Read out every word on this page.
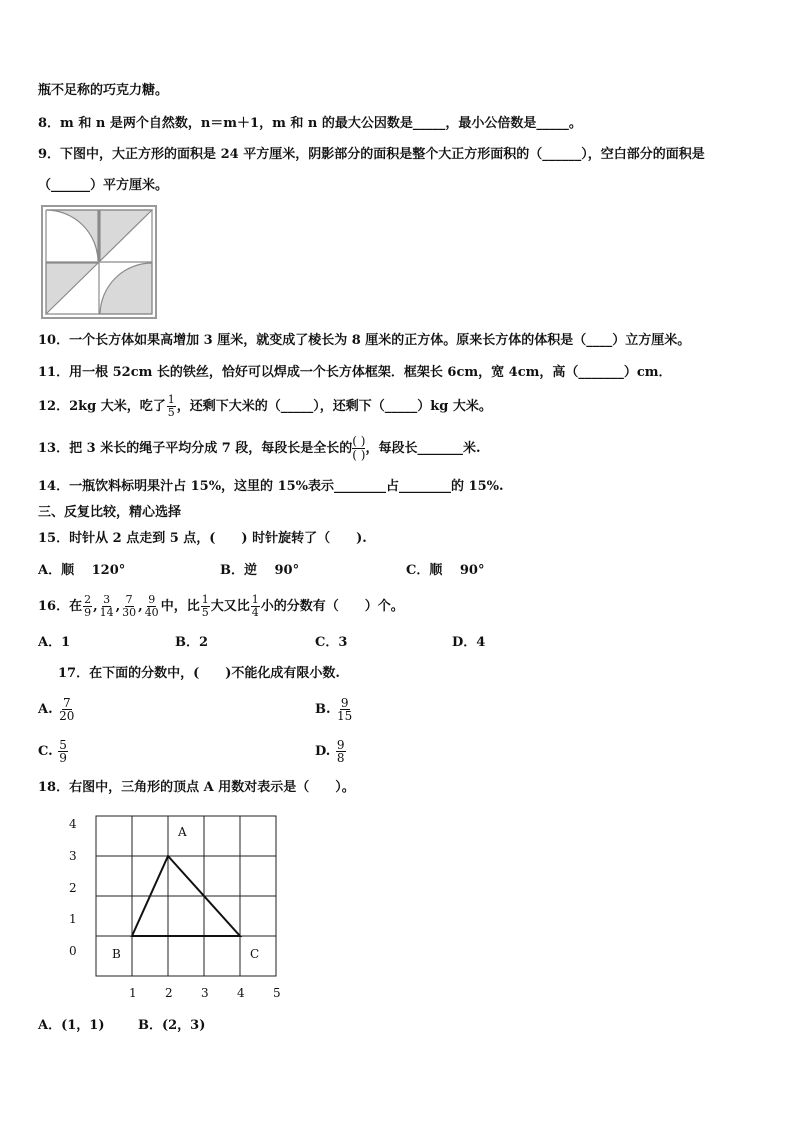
瓶不足称的巧克力糖。
8．m 和 n 是两个自然数，n＝m＋1，m 和 n 的最大公因数是_____，最小公倍数是_____。
9．下图中，大正方形的面积是 24 平方厘米，阴影部分的面积是整个大正方形面积的（______），空白部分的面积是
（______）平方厘米。
10．一个长方体如果高增加 3 厘米，就变成了棱长为 8 厘米的正方体。原来长方体的体积是（____）立方厘米。
11．用一根 52cm 长的铁丝，恰好可以焊成一个长方体框架．框架长 6cm，宽 4cm，高（_______）cm．
12．2kg 大米，吃了 $\frac{1}{5}$ ，还剩下大米的（_____），还剩下（_____）kg 大米。
13．把 3 米长的绳子平均分成 7 段，每段长是全长的 ( )
( ) ，每段长_______米.
14．一瓶饮料标明果汁占 15%，这里的 15%表示________占________的 15%.
三、反复比较，精心选择
15．时针从 2 点走到 5 点，(　　) 时针旋转了（　　).
A．顺　 120°	B．逆　 90°	C．顺　 90°
16．在 $\frac{2}{9}$ , $\frac{3}{14}$ , $\frac{7}{30}$ , $\frac{9}{40}$ 中，比 $\frac{1}{5}$ 大又比 $\frac{1}{4}$ 小的分数有（　　）个。
A．1	B．2	C．3	D．4
17．在下面的分数中，(　　)不能化成有限小数.
A. $\frac{7}{20}$	B. $\frac{9}{15}$
C. $\frac{5}{9}$	D. $\frac{9}{8}$
18．右图中，三角形的顶点 A 用数对表示是（　　）。
4
3
2
1
0
1 2 3 4 5
A
B	C
A．(1，1)	B．(2，3)
